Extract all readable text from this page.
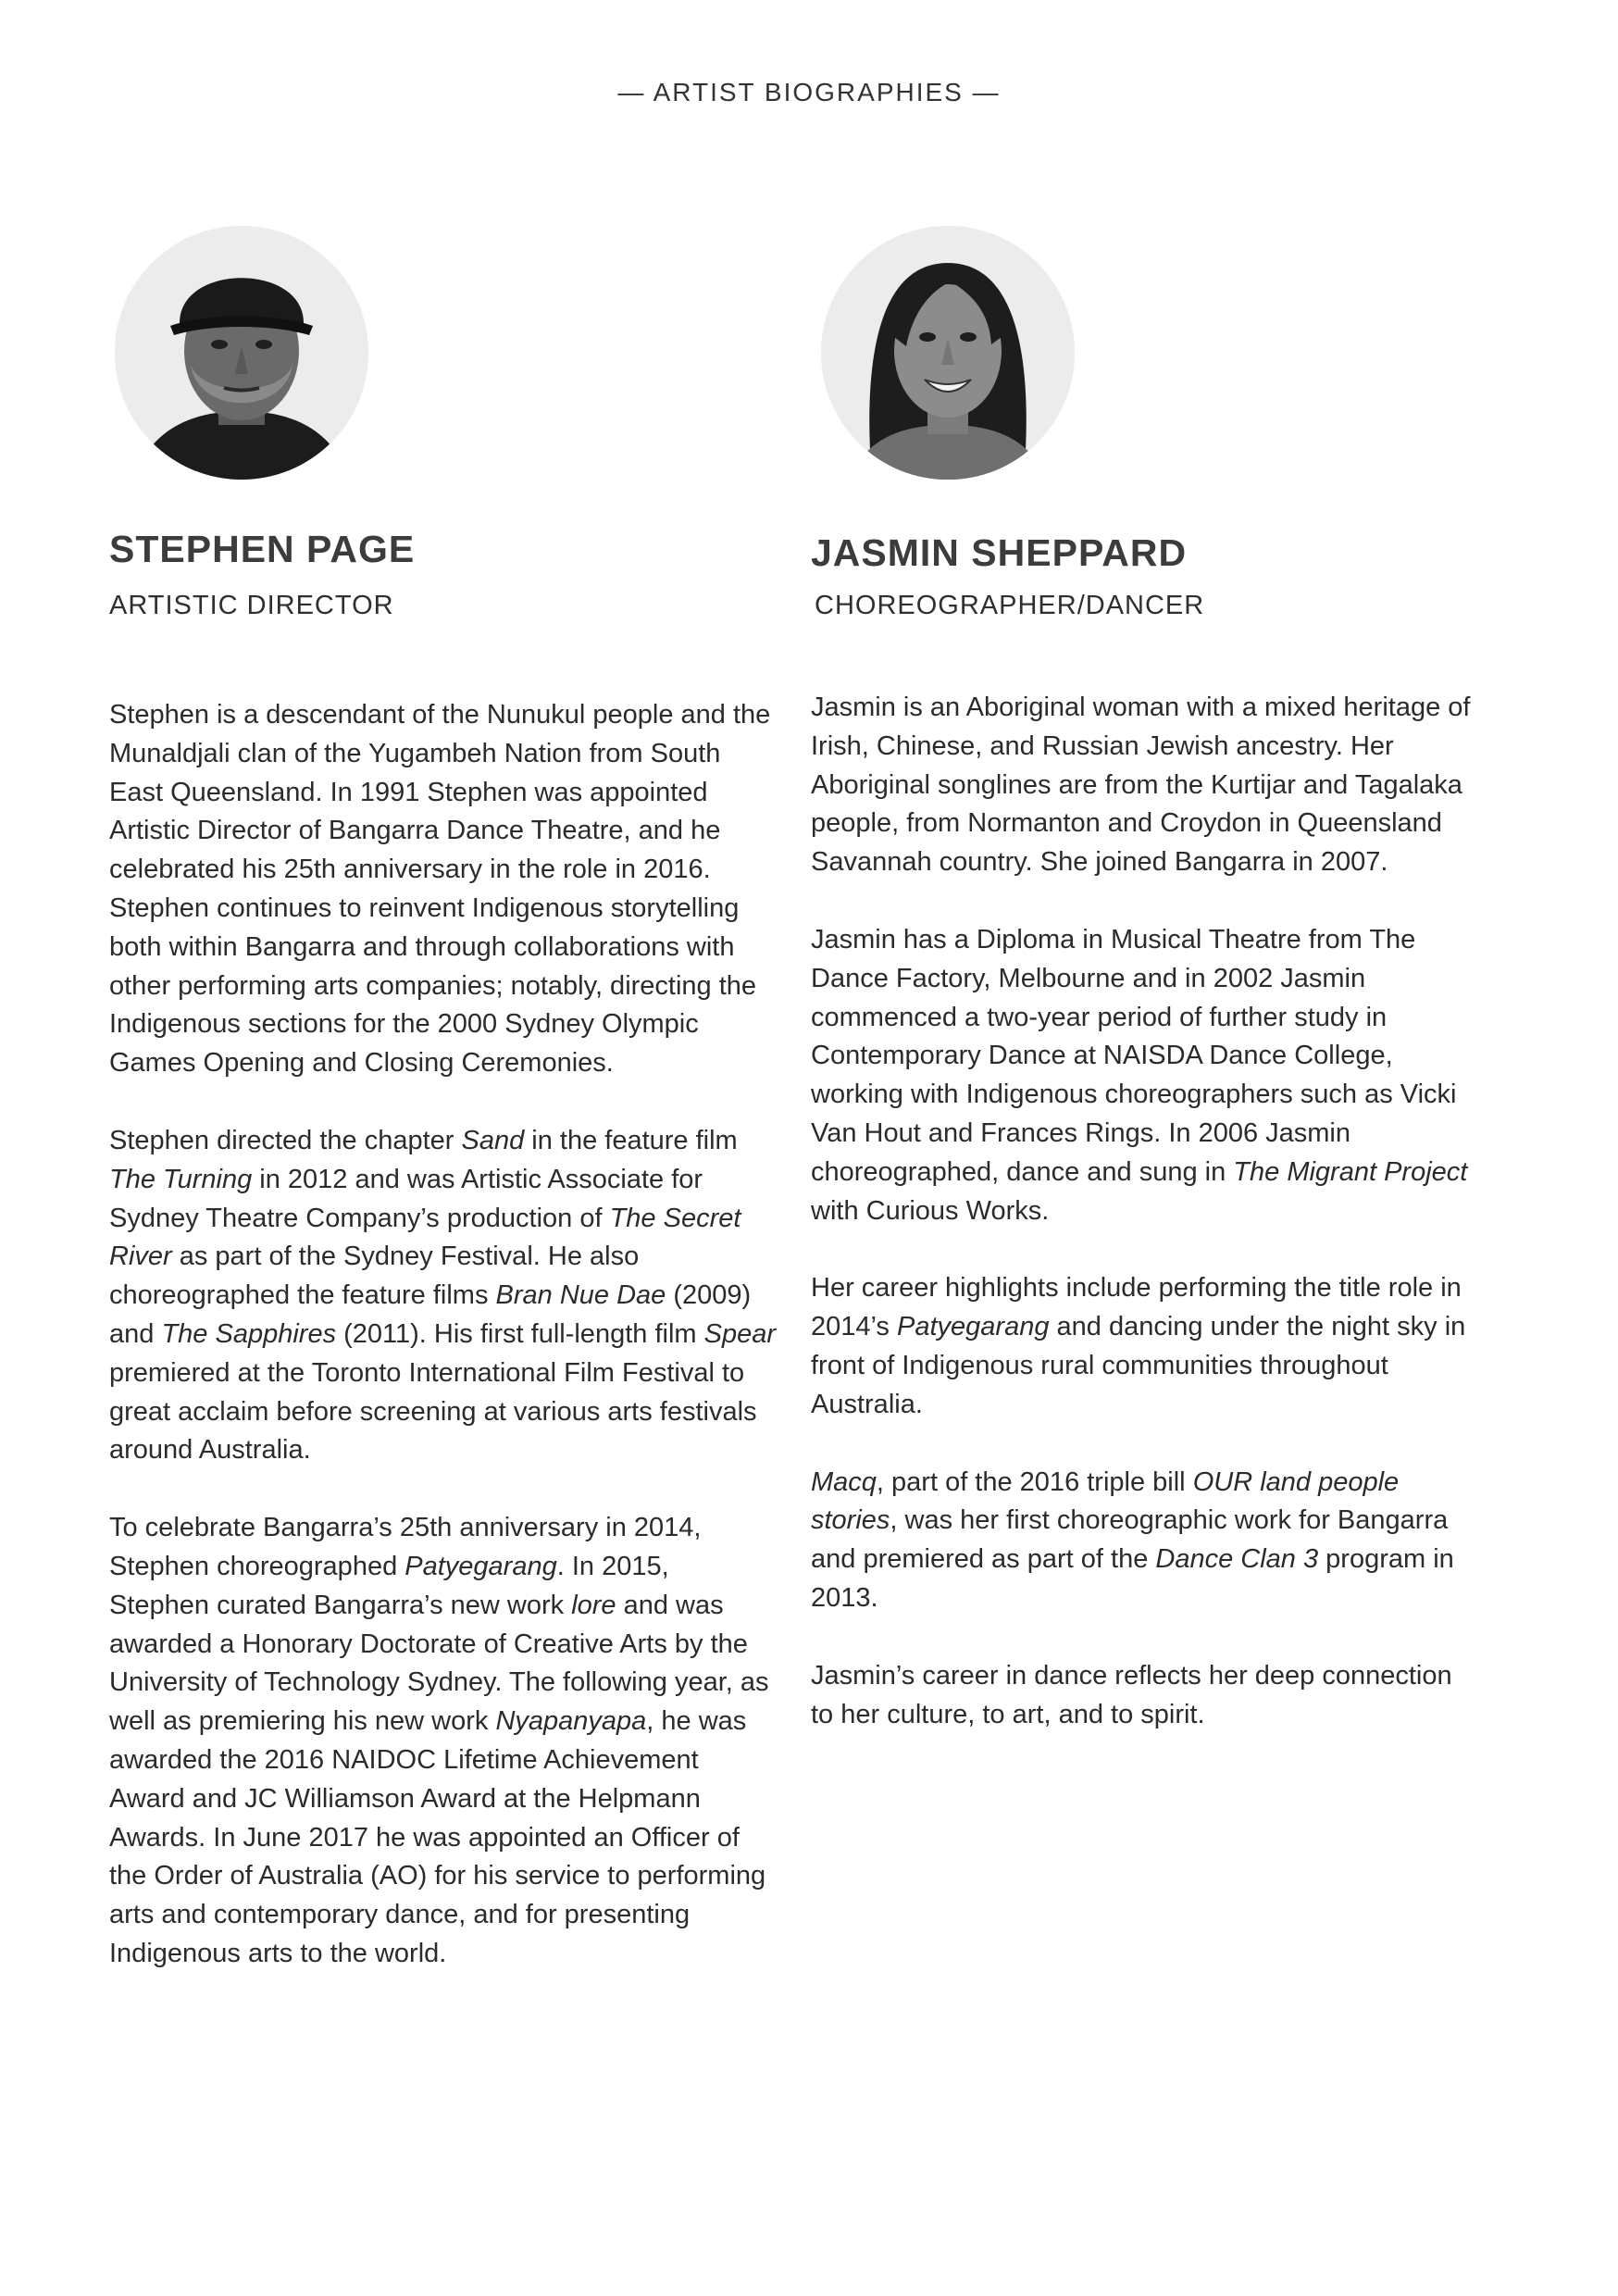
— ARTIST BIOGRAPHIES —
STEPHEN PAGE
ARTISTIC DIRECTOR

Stephen is a descendant of the Nunukul people and the Munaldjali clan of the Yugambeh Nation from South East Queensland. In 1991 Stephen was appointed Artistic Director of Bangarra Dance Theatre, and he celebrated his 25th anniversary in the role in 2016. Stephen continues to reinvent Indigenous storytelling both within Bangarra and through collaborations with other performing arts companies; notably, directing the Indigenous sections for the 2000 Sydney Olympic Games Opening and Closing Ceremonies.

Stephen directed the chapter Sand in the feature film The Turning in 2012 and was Artistic Associate for Sydney Theatre Company’s production of The Secret River as part of the Sydney Festival. He also choreographed the feature films Bran Nue Dae (2009) and The Sapphires (2011). His first full-length film Spear premiered at the Toronto International Film Festival to great acclaim before screening at various arts festivals around Australia.

To celebrate Bangarra’s 25th anniversary in 2014, Stephen choreographed Patyegarang. In 2015, Stephen curated Bangarra’s new work lore and was awarded a Honorary Doctorate of Creative Arts by the University of Technology Sydney. The following year, as well as premiering his new work Nyapanyapa, he was awarded the 2016 NAIDOC Lifetime Achievement Award and JC Williamson Award at the Helpmann Awards. In June 2017 he was appointed an Officer of the Order of Australia (AO) for his service to performing arts and contemporary dance, and for presenting Indigenous arts to the world.

JASMIN SHEPPARD
CHOREOGRAPHER/DANCER

Jasmin is an Aboriginal woman with a mixed heritage of Irish, Chinese, and Russian Jewish ancestry. Her Aboriginal songlines are from the Kurtijar and Tagalaka people, from Normanton and Croydon in Queensland Savannah country. She joined Bangarra in 2007.

Jasmin has a Diploma in Musical Theatre from The Dance Factory, Melbourne and in 2002 Jasmin commenced a two-year period of further study in Contemporary Dance at NAISDA Dance College, working with Indigenous choreographers such as Vicki Van Hout and Frances Rings. In 2006 Jasmin choreographed, dance and sung in The Migrant Project with Curious Works.

Her career highlights include performing the title role in 2014’s Patyegarang and dancing under the night sky in front of Indigenous rural communities throughout Australia.

Macq, part of the 2016 triple bill OUR land people stories, was her first choreographic work for Bangarra and premiered as part of the Dance Clan 3 program in 2013.

Jasmin’s career in dance reflects her deep connection to her culture, to art, and to spirit.
